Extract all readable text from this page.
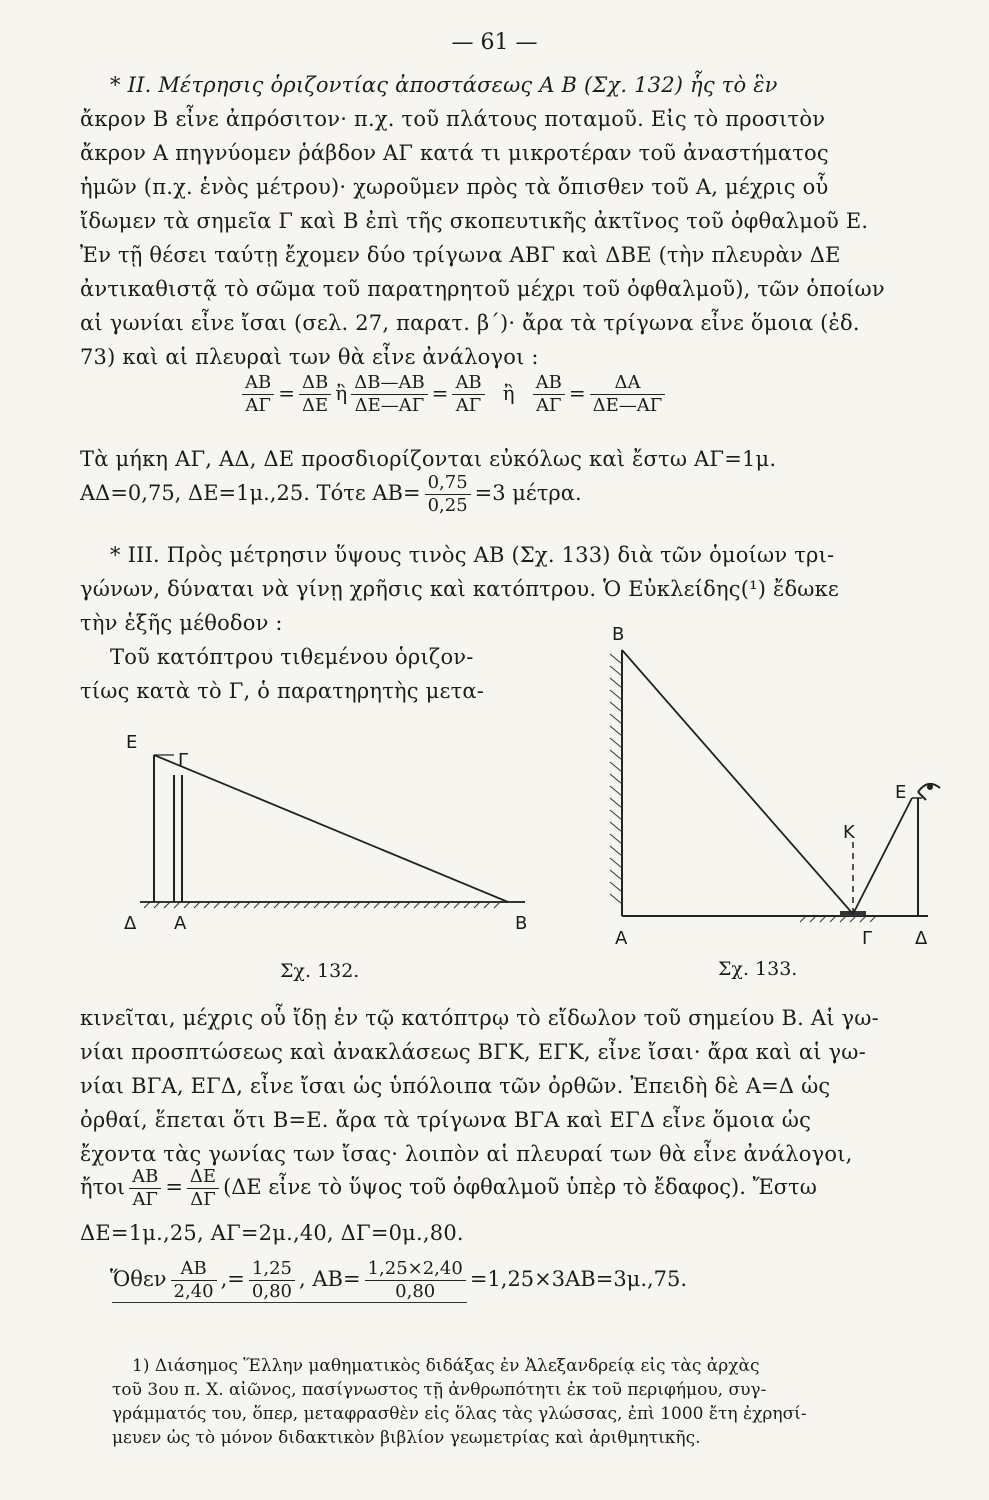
— 61 —
* ΙΙ. Μέτρησις ὁριζοντίας ἀποστάσεως Α Β (Σχ. 132) ἧς τὸ ἓν
ἄκρον Β εἶνε ἀπρόσιτον· π.χ. τοῦ πλάτους ποταμοῦ. Εἰς τὸ προσιτὸν
ἄκρον Α πηγνύομεν ῥάβδον ΑΓ κατά τι μικροτέραν τοῦ ἀναστήματος
ἡμῶν (π.χ. ἑνὸς μέτρου)· χωροῦμεν πρὸς τὰ ὄπισθεν τοῦ Α, μέχρις οὗ
ἴδωμεν τὰ σημεῖα Γ καὶ Β ἐπὶ τῆς σκοπευτικῆς ἀκτῖνος τοῦ ὀφθαλμοῦ Ε.
Ἐν τῇ θέσει ταύτῃ ἔχομεν δύο τρίγωνα ΑΒΓ καὶ ΔΒΕ (τὴν πλευρὰν ΔΕ
ἀντικαθιστᾷ τὸ σῶμα τοῦ παρατηρητοῦ μέχρι τοῦ ὀφθαλμοῦ), τῶν ὁποίων
αἱ γωνίαι εἶνε ἴσαι (σελ. 27, παρατ. β΄)· ἄρα τὰ τρίγωνα εἶνε ὅμοια (ἐδ.
73) καὶ αἱ πλευραὶ των θὰ εἶνε ἀνάλογοι :
$\frac{AB}{A\Gamma} = \frac{\Delta B}{\Delta E}$ ἢ $\frac{\Delta B—AB}{\Delta E—A\Gamma} = \frac{AB}{A\Gamma}$ ἢ $\frac{AB}{A\Gamma} = \frac{\Delta A}{\Delta E—A\Gamma}$
Τὰ μήκη ΑΓ, ΑΔ, ΔΕ προσδιορίζονται εὐκόλως καὶ ἔστω ΑΓ=1μ.
ΑΔ=0,75, ΔΕ=1μ.,25. Τότε $AB= \frac{0,75}{0,25} =3$ μέτρα.
* ΙΙΙ. Πρὸς μέτρησιν ὕψους τινὸς ΑΒ (Σχ. 133) διὰ τῶν ὁμοίων τρι-
γώνων, δύναται νὰ γίνῃ χρῆσις καὶ κατόπτρου. Ὁ Εὐκλείδης(¹) ἔδωκε
τὴν ἑξῆς μέθοδον :
Τοῦ κατόπτρου τιθεμένου ὁριζον-
τίως κατὰ τὸ Γ, ὁ παρατηρητὴς μετα-
Ε
Γ
Δ Α	Β
Σχ. 132.
Β
Ε
Κ
Α	Γ Δ
Σχ. 133.
κινεῖται, μέχρις οὗ ἴδῃ ἐν τῷ κατόπτρῳ τὸ εἴδωλον τοῦ σημείου Β. Αἱ γω-
νίαι προσπτώσεως καὶ ἀνακλάσεως ΒΓΚ, ΕΓΚ, εἶνε ἴσαι· ἄρα καὶ αἱ γω-
νίαι ΒΓΑ, ΕΓΔ, εἶνε ἴσαι ὡς ὑπόλοιπα τῶν ὀρθῶν. Ἐπειδὴ δὲ Α=Δ ὡς
ὀρθαί, ἕπεται ὅτι Β=Ε. ἄρα τὰ τρίγωνα ΒΓΑ καὶ ΕΓΔ εἶνε ὅμοια ὡς
ἔχοντα τὰς γωνίας των ἴσας· λοιπὸν αἱ πλευραί των θὰ εἶνε ἀνάλογοι,
ἤτοι $\frac{AB}{A\Gamma} = \frac{\Delta E}{\Delta\Gamma} (\Delta E$ εἶνε τὸ ὕψος τοῦ ὀφθαλμοῦ ὑπὲρ τὸ ἔδαφος). Ἔστω
ΔΕ=1μ.,25, ΑΓ=2μ.,40, ΔΓ=0μ.,80.
Ὅθεν $\frac{AB}{2,40}$ ,= $\frac{1,25}{0,80}$ , $AB= \frac{1,25\times 2,40}{0,80} =1,25\times 3AB=3\mu.,75$.
1) Διάσημος Ἕλλην μαθηματικὸς διδάξας ἐν Ἀλεξανδρείᾳ εἰς τὰς ἀρχὰς
τοῦ 3ου π. Χ. αἰῶνος, πασίγνωστος τῇ ἀνθρωπότητι ἐκ τοῦ περιφήμου, συγ-
γράμματός του, ὅπερ, μεταφρασθὲν εἰς ὅλας τὰς γλώσσας, ἐπὶ 1000 ἔτη ἐχρησί-
μευεν ὡς τὸ μόνον διδακτικὸν βιβλίον γεωμετρίας καὶ ἀριθμητικῆς.
